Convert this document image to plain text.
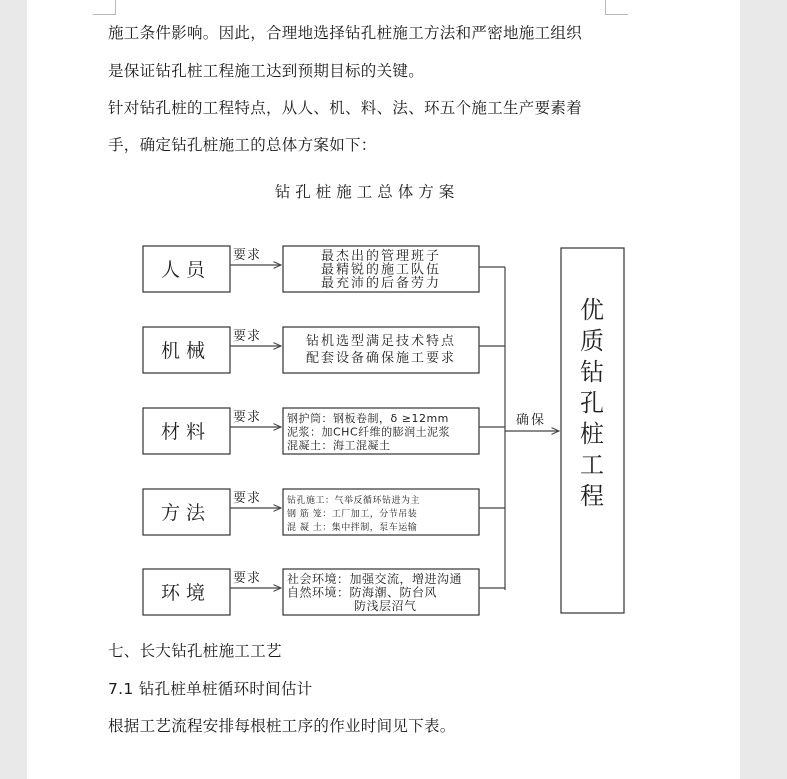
施工条件影响。因此，合理地选择钻孔桩施工方法和严密地施工组织
是保证钻孔桩工程施工达到预期目标的关键。
针对钻孔桩的工程特点，从人、机、料、法、环五个施工生产要素着
手，确定钻孔桩施工的总体方案如下：
钻孔桩施工总体方案
人员
要求	最杰出的管理班子
最精锐的施工队伍
最充沛的后备劳力
机械
要求	钻机选型满足技术特点
配套设备确保施工要求
材料
要求 钢护筒：钢板卷制，δ ≥12mm
泥浆：加CHC纤维的膨润土泥浆
混凝土：海工混凝土
方法
要求	钻孔施工：气举反循环钻进为主
钢 筋 笼：工厂加工，分节吊装
混 凝 土：集中拌制，泵车运输
环境
要求 社会环境：加强交流，增进沟通
自然环境：防海潮、防台风
防浅层沼气
确保
优
质
钻
孔
桩
工
程
七、长大钻孔桩施工工艺
7.1 钻孔桩单桩循环时间估计
根据工艺流程安排每根桩工序的作业时间见下表。
